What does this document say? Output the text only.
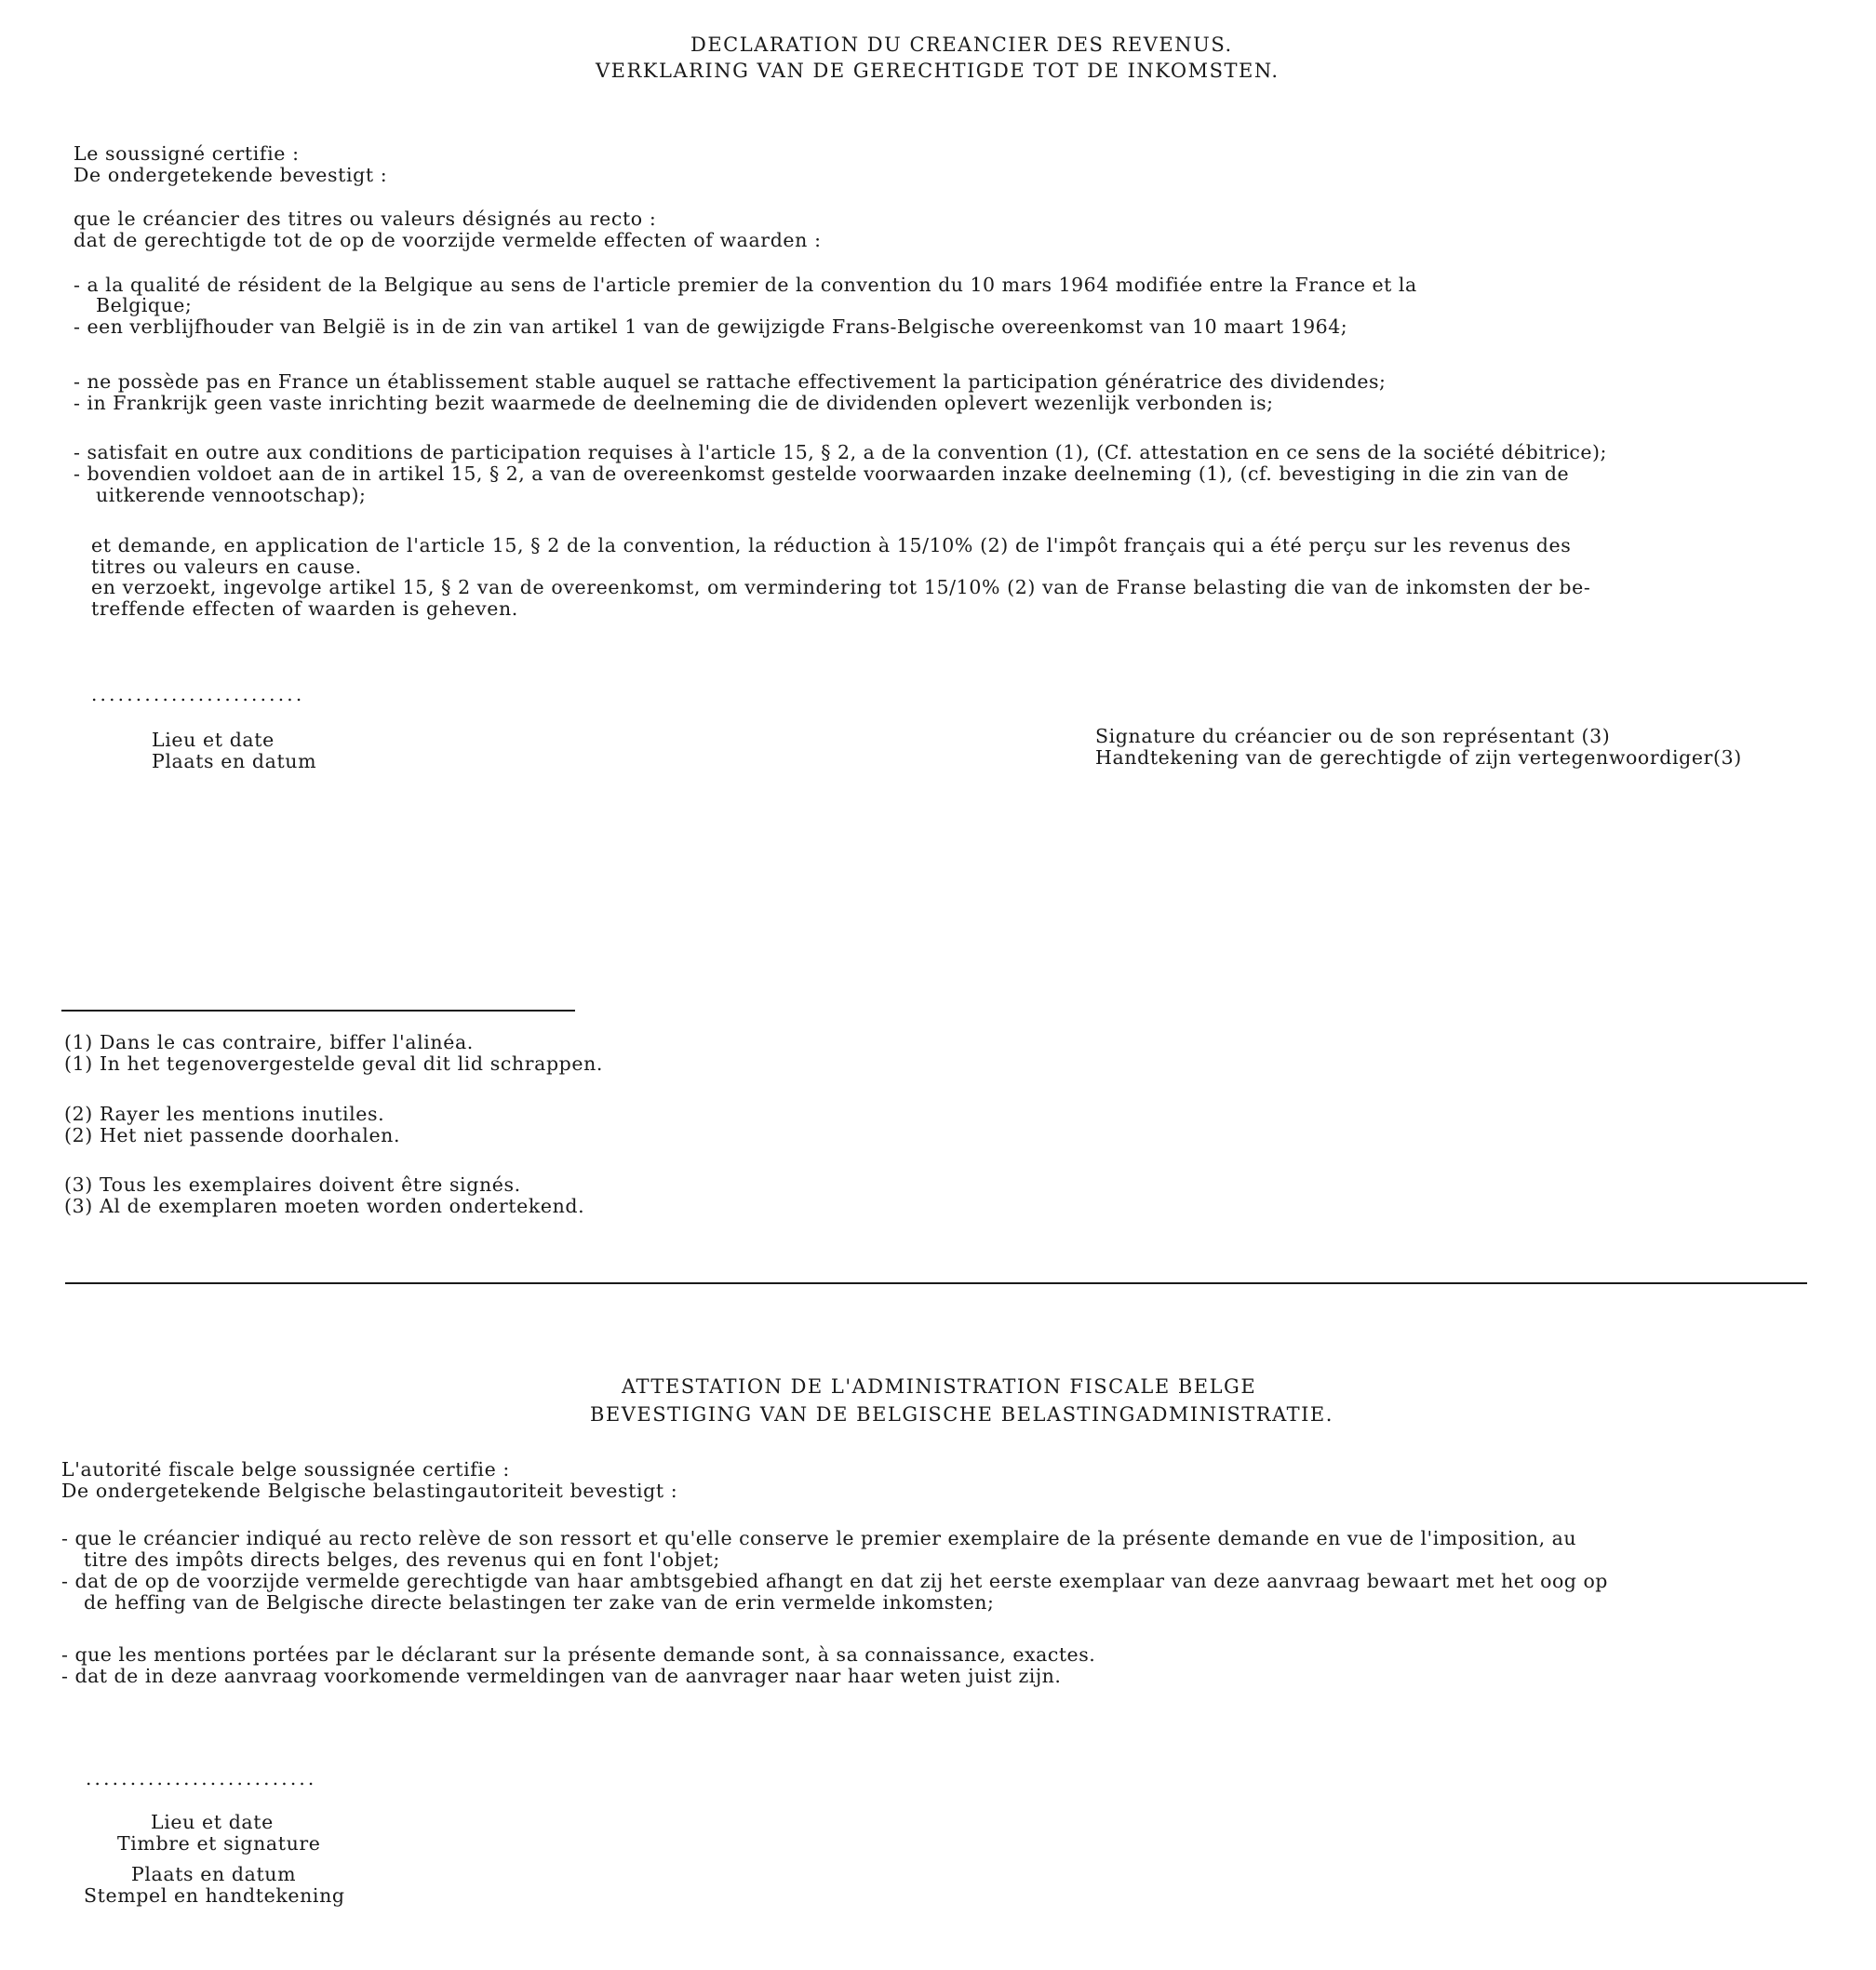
DECLARATION DU CREANCIER DES REVENUS.

VERKLARING VAN DE GERECHTIGDE TOT DE INKOMSTEN.

Le soussigné certifie :

De ondergetekende bevestigt :

que le créancier des titres ou valeurs désignés au recto :

dat de gerechtigde tot de op de voorzijde vermelde effecten of waarden :

- a la qualité de résident de la Belgique au sens de l'article premier de la convention du 10 mars 1964 modifiée entre la France et la

Belgique;

- een verblijfhouder van België is in de zin van artikel 1 van de gewijzigde Frans-Belgische overeenkomst van 10 maart 1964;

- ne possède pas en France un établissement stable auquel se rattache effectivement la participation génératrice des dividendes;

- in Frankrijk geen vaste inrichting bezit waarmede de deelneming die de dividenden oplevert wezenlijk verbonden is;

- satisfait en outre aux conditions de participation requises à l'article 15, § 2, a de la convention (1), (Cf. attestation en ce sens de la société débitrice);

- bovendien voldoet aan de in artikel 15, § 2, a van de overeenkomst gestelde voorwaarden inzake deelneming (1), (cf. bevestiging in die zin van de

uitkerende vennootschap);

et demande, en application de l'article 15, § 2 de la convention, la réduction à 15/10% (2) de l'impôt français qui a été perçu sur les revenus des

titres ou valeurs en cause.

en verzoekt, ingevolge artikel 15, § 2 van de overeenkomst, om vermindering tot 15/10% (2) van de Franse belasting die van de inkomsten der be-

treffende effecten of waarden is geheven.

........................

Lieu et date

Plaats en datum

Signature du créancier ou de son représentant (3)

Handtekening van de gerechtigde of zijn vertegenwoordiger(3)

(1) Dans le cas contraire, biffer l'alinéa.

(1) In het tegenovergestelde geval dit lid schrappen.

(2) Rayer les mentions inutiles.

(2) Het niet passende doorhalen.

(3) Tous les exemplaires doivent être signés.

(3) Al de exemplaren moeten worden ondertekend.

ATTESTATION DE L'ADMINISTRATION FISCALE BELGE

BEVESTIGING VAN DE BELGISCHE BELASTINGADMINISTRATIE.

L'autorité fiscale belge soussignée certifie :

De ondergetekende Belgische belastingautoriteit bevestigt :

- que le créancier indiqué au recto relève de son ressort et qu'elle conserve le premier exemplaire de la présente demande en vue de l'imposition, au

titre des impôts directs belges, des revenus qui en font l'objet;

- dat de op de voorzijde vermelde gerechtigde van haar ambtsgebied afhangt en dat zij het eerste exemplaar van deze aanvraag bewaart met het oog op

de heffing van de Belgische directe belastingen ter zake van de erin vermelde inkomsten;

- que les mentions portées par le déclarant sur la présente demande sont, à sa connaissance, exactes.

- dat de in deze aanvraag voorkomende vermeldingen van de aanvrager naar haar weten juist zijn.

..........................

Lieu et date

Timbre et signature

Plaats en datum

Stempel en handtekening
